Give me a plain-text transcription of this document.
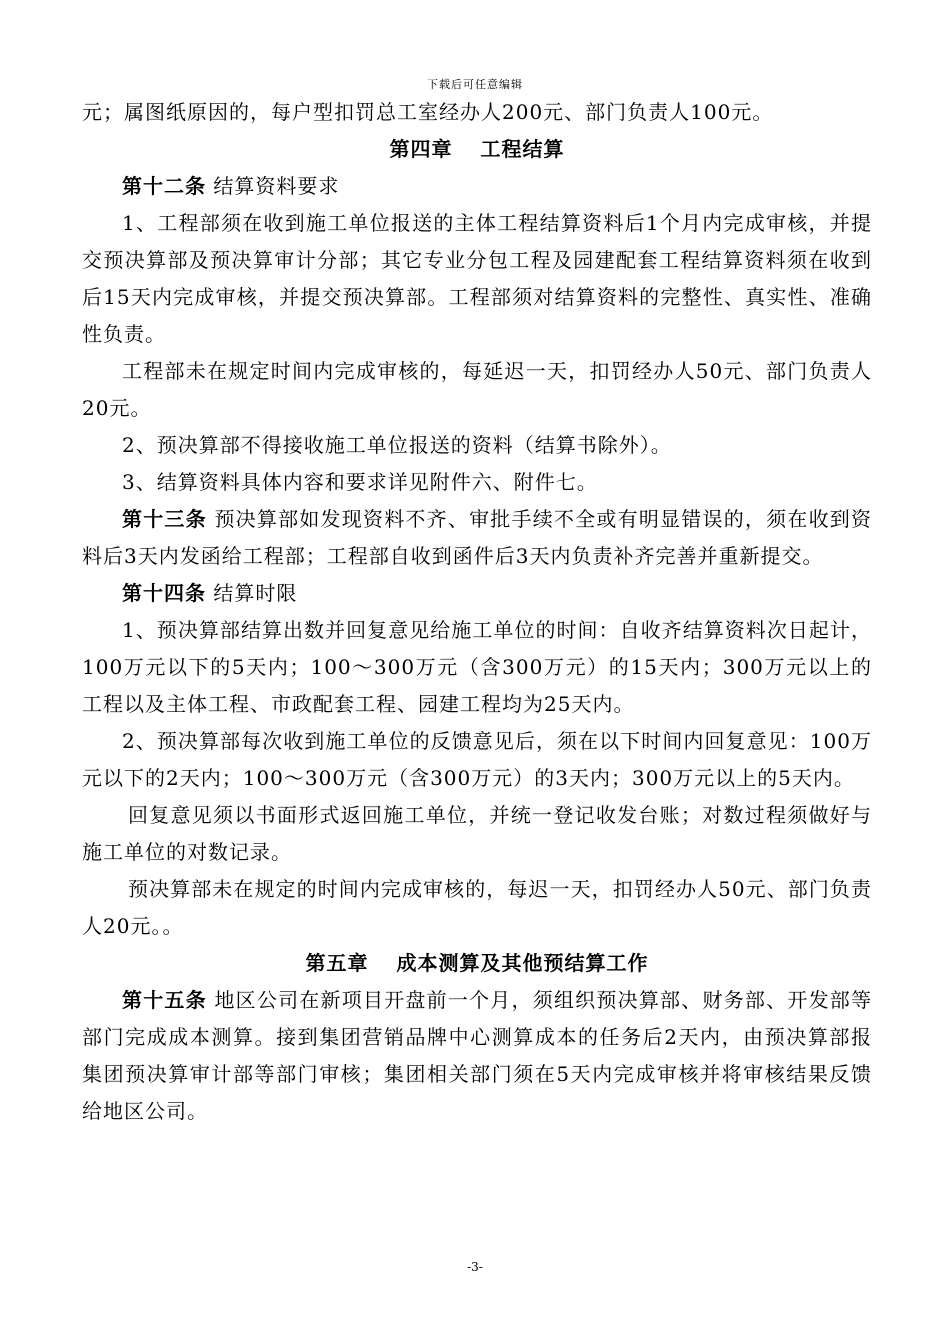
下载后可任意编辑

元；属图纸原因的，每户型扣罚总工室经办人200元、部门负责人100元。

第四章 工程结算

第十二条 结算资料要求

1、工程部须在收到施工单位报送的主体工程结算资料后1个月内完成审核，并提交预决算部及预决算审计分部；其它专业分包工程及园建配套工程结算资料须在收到后15天内完成审核，并提交预决算部。工程部须对结算资料的完整性、真实性、准确性负责。

工程部未在规定时间内完成审核的，每延迟一天，扣罚经办人50元、部门负责人20元。

2、预决算部不得接收施工单位报送的资料（结算书除外）。

3、结算资料具体内容和要求详见附件六、附件七。

第十三条 预决算部如发现资料不齐、审批手续不全或有明显错误的，须在收到资料后3天内发函给工程部；工程部自收到函件后3天内负责补齐完善并重新提交。

第十四条 结算时限

1、预决算部结算出数并回复意见给施工单位的时间：自收齐结算资料次日起计，100万元以下的5天内；100～300万元（含300万元）的15天内；300万元以上的工程以及主体工程、市政配套工程、园建工程均为25天内。

2、预决算部每次收到施工单位的反馈意见后，须在以下时间内回复意见：100万元以下的2天内；100～300万元（含300万元）的3天内；300万元以上的5天内。

回复意见须以书面形式返回施工单位，并统一登记收发台账；对数过程须做好与施工单位的对数记录。

预决算部未在规定的时间内完成审核的，每迟一天，扣罚经办人50元、部门负责人20元。。

第五章 成本测算及其他预结算工作

第十五条 地区公司在新项目开盘前一个月，须组织预决算部、财务部、开发部等部门完成成本测算。接到集团营销品牌中心测算成本的任务后2天内，由预决算部报集团预决算审计部等部门审核；集团相关部门须在5天内完成审核并将审核结果反馈给地区公司。

-3-
